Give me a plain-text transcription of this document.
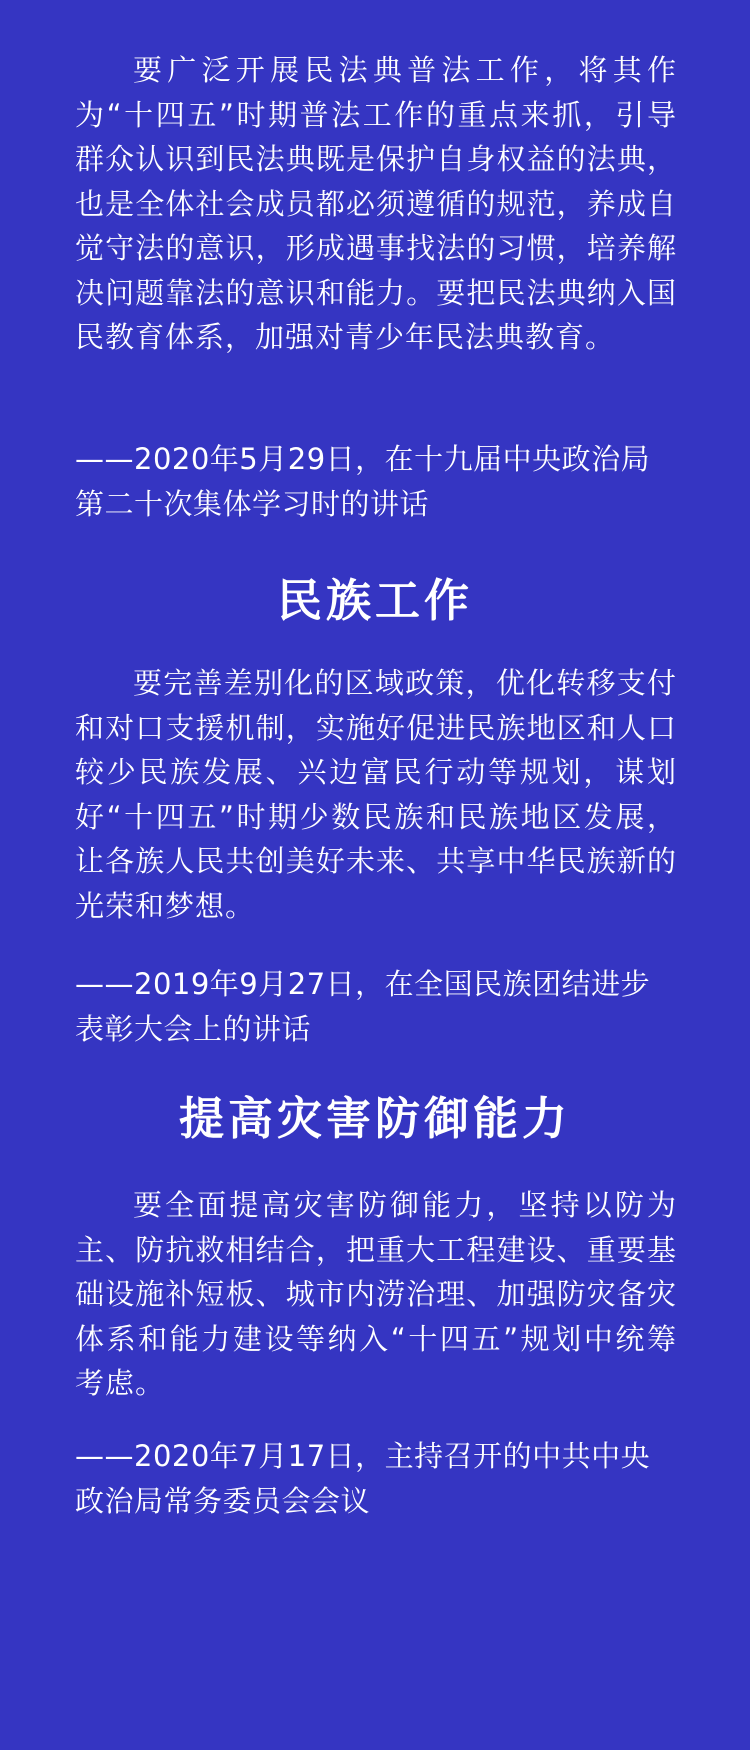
要广泛开展民法典普法工作，将其作为“十四五”时期普法工作的重点来抓，引导群众认识到民法典既是保护自身权益的法典，也是全体社会成员都必须遵循的规范，养成自觉守法的意识，形成遇事找法的习惯，培养解决问题靠法的意识和能力。要把民法典纳入国民教育体系，加强对青少年民法典教育。

——2020年5月29日，在十九届中央政治局第二十次集体学习时的讲话

民族工作

要完善差别化的区域政策，优化转移支付和对口支援机制，实施好促进民族地区和人口较少民族发展、兴边富民行动等规划，谋划好“十四五”时期少数民族和民族地区发展，让各族人民共创美好未来、共享中华民族新的光荣和梦想。

——2019年9月27日，在全国民族团结进步表彰大会上的讲话

提高灾害防御能力

要全面提高灾害防御能力，坚持以防为主、防抗救相结合，把重大工程建设、重要基础设施补短板、城市内涝治理、加强防灾备灾体系和能力建设等纳入“十四五”规划中统筹考虑。

——2020年7月17日，主持召开的中共中央政治局常务委员会会议
